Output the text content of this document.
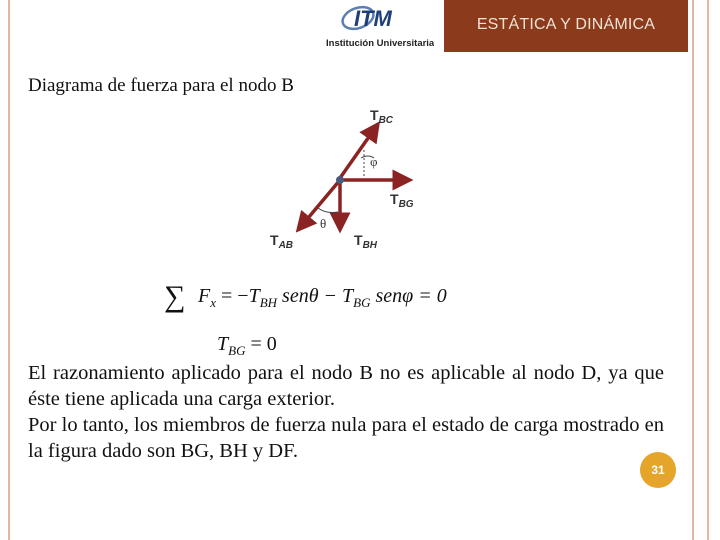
ITM
Institución Universitaria
ESTÁTICA Y DINÁMICA
Diagrama de fuerza para el nodo B
$T_{BC}$
φ
$T_{BG}$
θ
$T_{AB}$	$T_{BH}$
∑ $F_x = -T_{BH}$ $sen\theta - T_{BG}$ senφ = 0
$T_{BG} = 0$

El razonamiento aplicado para el nodo B no es aplicable al nodo D, ya que éste tiene aplicada una carga exterior.

Por lo tanto, los miembros de fuerza nula para el estado de carga mostrado en la figura dado son BG, BH y DF.

31
